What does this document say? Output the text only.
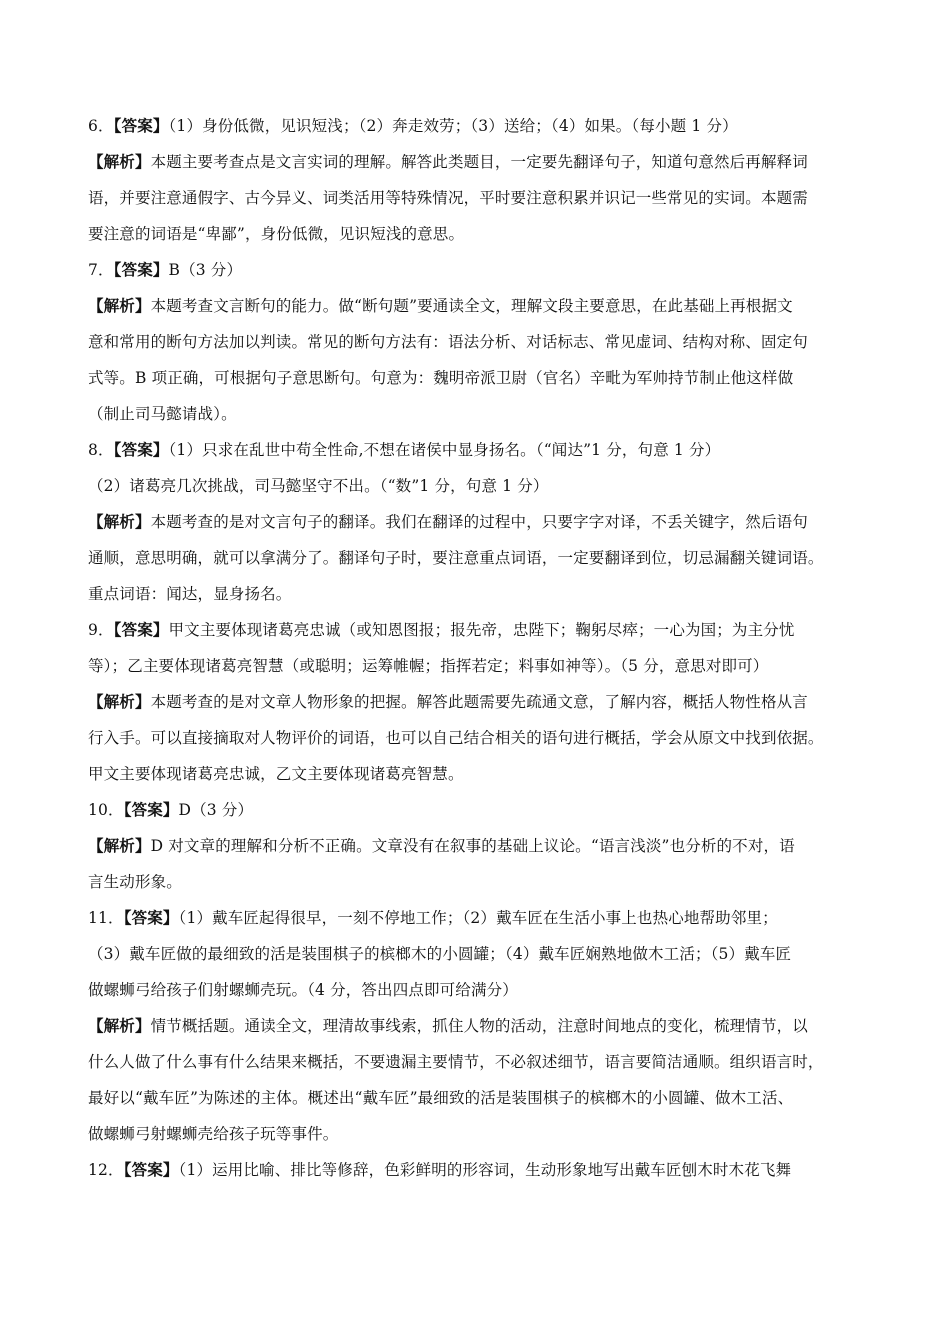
6．【答案】（1）身份低微，见识短浅；（2）奔走效劳；（3）送给；（4）如果。（每小题 1 分）
【解析】本题主要考查点是文言实词的理解。解答此类题目，一定要先翻译句子，知道句意然后再解释词
语，并要注意通假字、古今异义、词类活用等特殊情况，平时要注意积累并识记一些常见的实词。本题需
要注意的词语是“卑鄙”，身份低微，见识短浅的意思。
7．【答案】B（3 分）
【解析】本题考查文言断句的能力。做“断句题”要通读全文，理解文段主要意思，在此基础上再根据文
意和常用的断句方法加以判读。常见的断句方法有：语法分析、对话标志、常见虚词、结构对称、固定句
式等。B 项正确，可根据句子意思断句。句意为：魏明帝派卫尉（官名）辛毗为军帅持节制止他这样做
（制止司马懿请战）。
8．【答案】（1）只求在乱世中苟全性命,不想在诸侯中显身扬名。（“闻达”1 分，句意 1 分）
（2）诸葛亮几次挑战，司马懿坚守不出。（“数”1 分，句意 1 分）
【解析】本题考查的是对文言句子的翻译。我们在翻译的过程中，只要字字对译，不丢关键字，然后语句
通顺，意思明确，就可以拿满分了。翻译句子时，要注意重点词语，一定要翻译到位，切忌漏翻关键词语。
重点词语：闻达，显身扬名。
9．【答案】甲文主要体现诸葛亮忠诚（或知恩图报；报先帝，忠陛下；鞠躬尽瘁；一心为国；为主分忧
等）；乙主要体现诸葛亮智慧（或聪明；运筹帷幄；指挥若定；料事如神等）。（5 分，意思对即可）
【解析】本题考查的是对文章人物形象的把握。解答此题需要先疏通文意，了解内容，概括人物性格从言
行入手。可以直接摘取对人物评价的词语，也可以自己结合相关的语句进行概括，学会从原文中找到依据。
甲文主要体现诸葛亮忠诚，乙文主要体现诸葛亮智慧。
10．【答案】D（3 分）
【解析】D 对文章的理解和分析不正确。文章没有在叙事的基础上议论。“语言浅淡”也分析的不对，语
言生动形象。
11．【答案】（1）戴车匠起得很早，一刻不停地工作；（2）戴车匠在生活小事上也热心地帮助邻里；
（3）戴车匠做的最细致的活是装围棋子的槟榔木的小圆罐；（4）戴车匠娴熟地做木工活；（5）戴车匠
做螺蛳弓给孩子们射螺蛳壳玩。（4 分，答出四点即可给满分）
【解析】情节概括题。通读全文，理清故事线索，抓住人物的活动，注意时间地点的变化，梳理情节，以
什么人做了什么事有什么结果来概括，不要遗漏主要情节，不必叙述细节，语言要简洁通顺。组织语言时，
最好以“戴车匠”为陈述的主体。概述出“戴车匠”最细致的活是装围棋子的槟榔木的小圆罐、做木工活、
做螺蛳弓射螺蛳壳给孩子玩等事件。
12．【答案】（1）运用比喻、排比等修辞，色彩鲜明的形容词，生动形象地写出戴车匠刨木时木花飞舞
